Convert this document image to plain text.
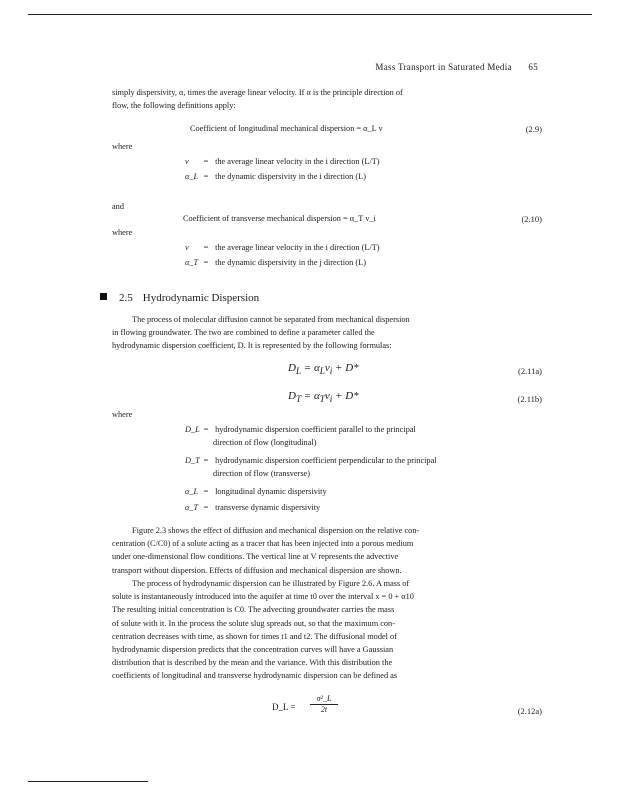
Mass Transport in Saturated Media 65
simply dispersivity, α, times the average linear velocity. If α is the principle direction of
flow, the following definitions apply:
Coefficient of longitudinal mechanical dispersion = α_L v	(2.9)
where
v = the average linear velocity in the i direction (L/T)
α_L = the dynamic dispersivity in the i direction (L)
and
Coefficient of transverse mechanical dispersion = α_T v_i	(2.10)
where
v = the average linear velocity in the i direction (L/T)
α_T = the dynamic dispersivity in the j direction (L)
2.5 Hydrodynamic Dispersion
The process of molecular diffusion cannot be separated from mechanical dispersion
in flowing groundwater. The two are combined to define a parameter called the
hydrodynamic dispersion coefficient, D. It is represented by the following formulas:
$D_L = \alpha_Lv_i + D*$	(2.11a)
$D_T = \alpha_Tv_i + D*$	(2.11b)
where
D_L = hydrodynamic dispersion coefficient parallel to the principal
direction of flow (longitudinal)
D_T = hydrodynamic dispersion coefficient perpendicular to the principal
direction of flow (transverse)
α_L = longitudinal dynamic dispersivity
α_T = transverse dynamic dispersivity
Figure 2.3 shows the effect of diffusion and mechanical dispersion on the relative con-
centration (C/C0) of a solute acting as a tracer that has been injected into a porous medium
under one-dimensional flow conditions. The vertical line at V represents the advective
transport without dispersion. Effects of diffusion and mechanical dispersion are shown.
The process of hydrodynamic dispersion can be illustrated by Figure 2.6. A mass of
solute is instantaneously introduced into the aquifer at time t0 over the interval x = 0 + α10
The resulting initial concentration is C0. The advecting groundwater carries the mass
of solute with it. In the process the solute slug spreads out, so that the maximum con-
centration decreases with time, as shown for times t1 and t2. The diffusional model of
hydrodynamic dispersion predicts that the concentration curves will have a Gaussian
distribution that is described by the mean and the variance. With this distribution the
coefficients of longitudinal and transverse hydrodynamic dispersion can be defined as
D_L = $\frac{\text{σ²\_L}}{2t}$	(2.12a)
